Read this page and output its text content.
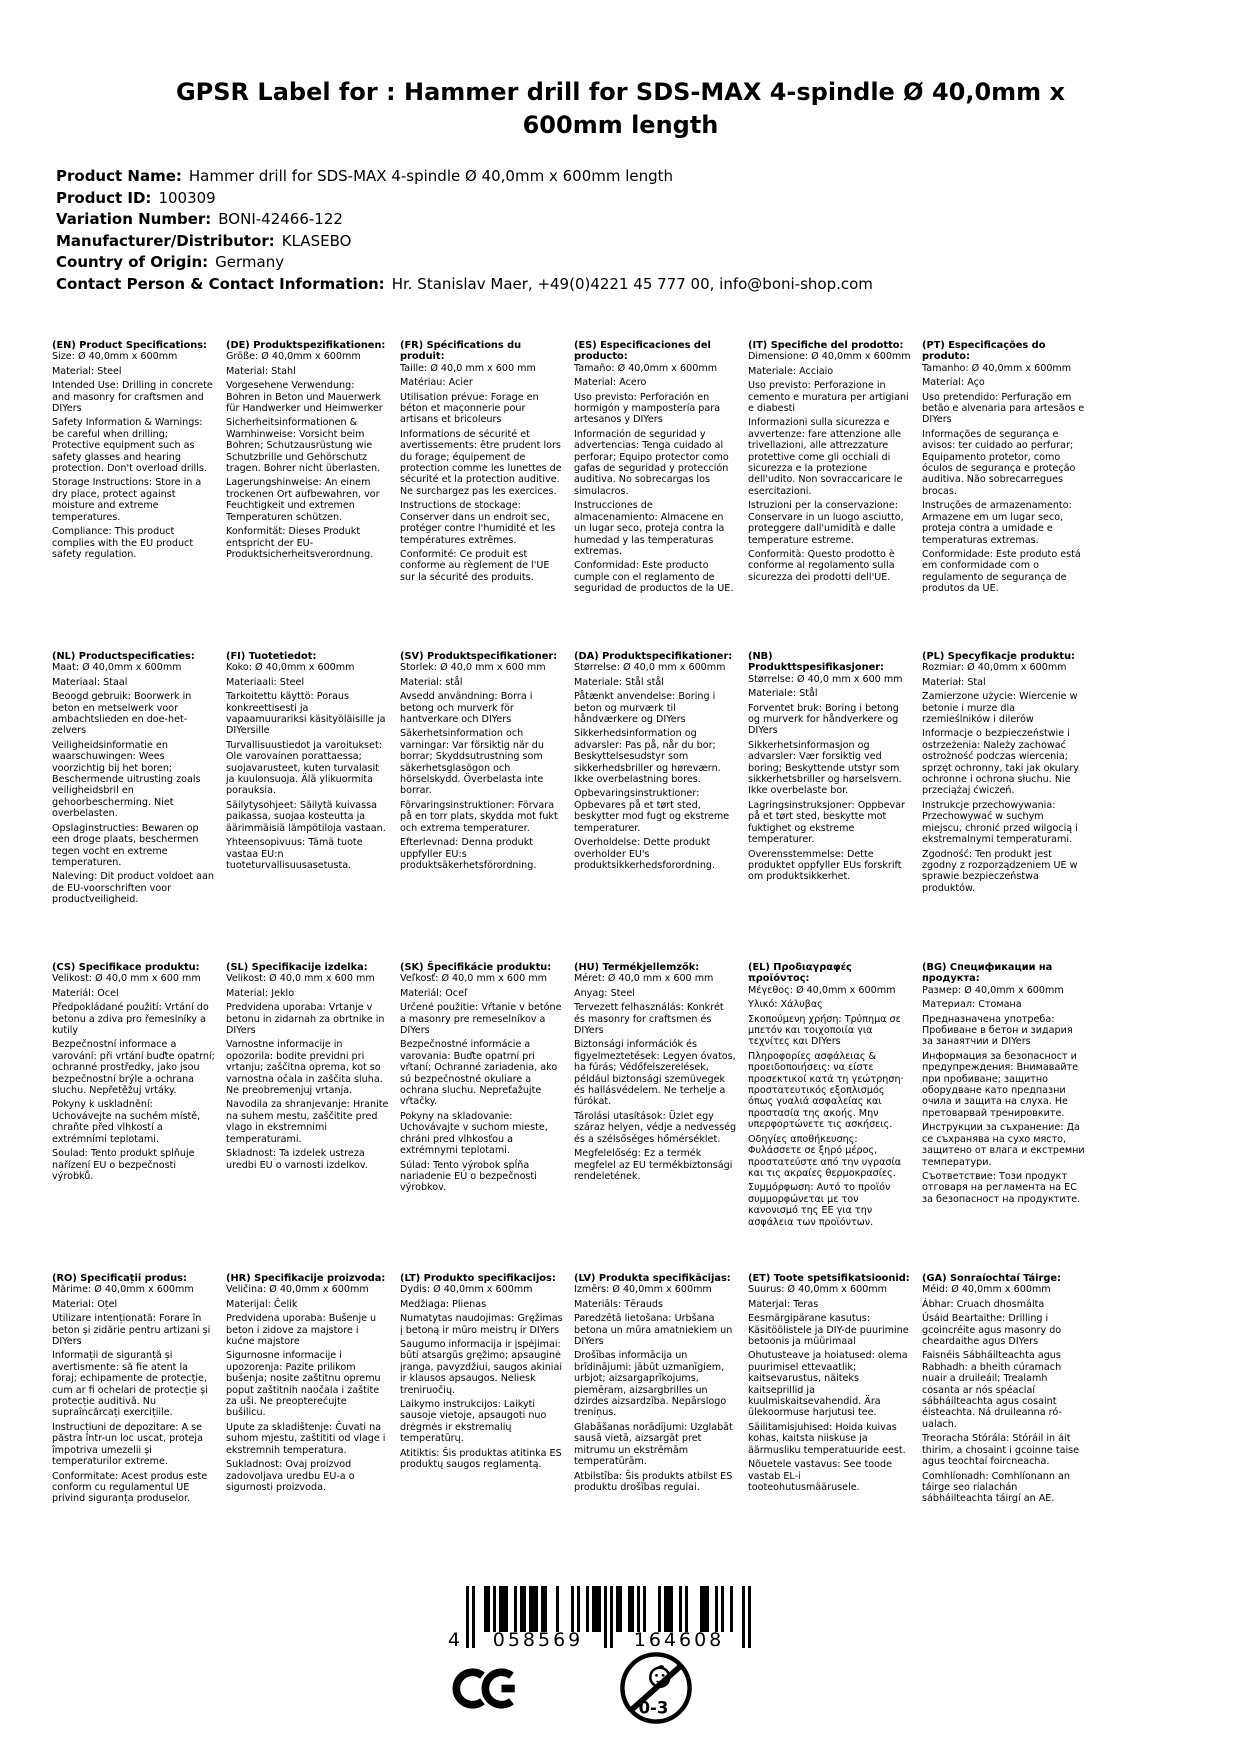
GPSR Label for : Hammer drill for SDS-MAX 4-spindle Ø 40,0mm x 600mm length
Product Name: Hammer drill for SDS-MAX 4-spindle Ø 40,0mm x 600mm length
Product ID: 100309
Variation Number: BONI-42466-122
Manufacturer/Distributor: KLASEBO
Country of Origin: Germany
Contact Person & Contact Information: Hr. Stanislav Maer, +49(0)4221 45 777 00, info@boni-shop.com
(EN) Product Specifications:

Size: Ø 40,0mm x 600mm

Material: Steel

Intended Use: Drilling in concrete and masonry for craftsmen and DIYers

Safety Information & Warnings: be careful when drilling; Protective equipment such as safety glasses and hearing protection. Don't overload drills.

Storage Instructions: Store in a dry place, protect against moisture and extreme temperatures.

Compliance: This product complies with the EU product safety regulation.

(DE) Produktspezifikationen:

Größe: Ø 40,0mm x 600mm

Material: Stahl

Vorgesehene Verwendung: Bohren in Beton und Mauerwerk für Handwerker und Heimwerker

Sicherheitsinformationen & Warnhinweise: Vorsicht beim Bohren; Schutzausrüstung wie Schutzbrille und Gehörschutz tragen. Bohrer nicht überlasten.

Lagerungshinweise: An einem trockenen Ort aufbewahren, vor Feuchtigkeit und extremen Temperaturen schützen.

Konformität: Dieses Produkt entspricht der EU-Produktsicherheitsverordnung.

(FR) Spécifications du produit:

Taille: Ø 40,0 mm x 600 mm

Matériau: Acier

Utilisation prévue: Forage en béton et maçonnerie pour artisans et bricoleurs

Informations de sécurité et avertissements: être prudent lors du forage; équipement de protection comme les lunettes de sécurité et la protection auditive. Ne surchargez pas les exercices.

Instructions de stockage: Conserver dans un endroit sec, protéger contre l'humidité et les températures extrêmes.

Conformité: Ce produit est conforme au règlement de l'UE sur la sécurité des produits.

(ES) Especificaciones del producto:

Tamaño: Ø 40,0mm x 600mm

Material: Acero

Uso previsto: Perforación en hormigón y mampostería para artesanos y DIYers

Información de seguridad y advertencias: Tenga cuidado al perforar; Equipo protector como gafas de seguridad y protección auditiva. No sobrecargas los simulacros.

Instrucciones de almacenamiento: Almacene en un lugar seco, proteja contra la humedad y las temperaturas extremas.

Conformidad: Este producto cumple con el reglamento de seguridad de productos de la UE.

(IT) Specifiche del prodotto:

Dimensione: Ø 40,0mm x 600mm

Materiale: Acciaio

Uso previsto: Perforazione in cemento e muratura per artigiani e diabesti

Informazioni sulla sicurezza e avvertenze: fare attenzione alle trivellazioni, alle attrezzature protettive come gli occhiali di sicurezza e la protezione dell'udito. Non sovraccaricare le esercitazioni.

Istruzioni per la conservazione: Conservare in un luogo asciutto, proteggere dall'umidità e dalle temperature estreme.

Conformità: Questo prodotto è conforme al regolamento sulla sicurezza dei prodotti dell'UE.

(PT) Especificações do produto:

Tamanho: Ø 40,0mm x 600mm

Material: Aço

Uso pretendido: Perfuração em betão e alvenaria para artesãos e DIYers

Informações de segurança e avisos: ter cuidado ao perfurar; Equipamento protetor, como óculos de segurança e proteção auditiva. Não sobrecarregues brocas.

Instruções de armazenamento: Armazene em um lugar seco, proteja contra a umidade e temperaturas extremas.

Conformidade: Este produto está em conformidade com o regulamento de segurança de produtos da UE.

(NL) Productspecificaties:

Maat: Ø 40,0mm x 600mm

Materiaal: Staal

Beoogd gebruik: Boorwerk in beton en metselwerk voor ambachtslieden en doe-het-zelvers

Veiligheidsinformatie en waarschuwingen: Wees voorzichtig bij het boren; Beschermende uitrusting zoals veiligheidsbril en gehoorbescherming. Niet overbelasten.

Opslaginstructies: Bewaren op een droge plaats, beschermen tegen vocht en extreme temperaturen.

Naleving: Dit product voldoet aan de EU-voorschriften voor productveiligheid.

(FI) Tuotetiedot:

Koko: Ø 40,0mm x 600mm

Materiaali: Steel

Tarkoitettu käyttö: Poraus konkreettisesti ja vapaamuurariksi käsityöläisille ja DIYersille

Turvallisuustiedot ja varoitukset: Ole varovainen porattaessa; suojavarusteet, kuten turvalasit ja kuulonsuoja. Älä ylikuormita porauksia.

Säilytysohjeet: Säilytä kuivassa paikassa, suojaa kosteutta ja äärimmäisiä lämpötiloja vastaan.

Yhteensopivuus: Tämä tuote vastaa EU:n tuoteturvallisuusasetusta.

(SV) Produktspecifikationer:

Storlek: Ø 40,0 mm x 600 mm

Material: stål

Avsedd användning: Borra i betong och murverk för hantverkare och DIYers

Säkerhetsinformation och varningar: Var försiktig när du borrar; Skyddsutrustning som säkerhetsglasögon och hörselskydd. Överbelasta inte borrar.

Förvaringsinstruktioner: Förvara på en torr plats, skydda mot fukt och extrema temperaturer.

Efterlevnad: Denna produkt uppfyller EU:s produktsäkerhetsförordning.

(DA) Produktspecifikationer:

Størrelse: Ø 40,0 mm x 600mm

Materiale: Stål stål

Påtænkt anvendelse: Boring i beton og murværk til håndværkere og DIYers

Sikkerhedsinformation og advarsler: Pas på, når du bor; Beskyttelsesudstyr som sikkerhedsbriller og høreværn. Ikke overbelastning bores.

Opbevaringsinstruktioner: Opbevares på et tørt sted, beskytter mod fugt og ekstreme temperaturer.

Overholdelse: Dette produkt overholder EU's produktsikkerhedsforordning.

(NB) Produkttspesifikasjoner:

Størrelse: Ø 40,0 mm x 600 mm

Materiale: Stål

Forventet bruk: Boring i betong og murverk for håndverkere og DIYers

Sikkerhetsinformasjon og advarsler: Vær forsiktig ved boring; Beskyttende utstyr som sikkerhetsbriller og hørselsvern. Ikke overbelaste bor.

Lagringsinstruksjoner: Oppbevar på et tørt sted, beskytte mot fuktighet og ekstreme temperaturer.

Overensstemmelse: Dette produktet oppfyller EUs forskrift om produktsikkerhet.

(PL) Specyfikacje produktu:

Rozmiar: Ø 40,0mm x 600mm

Materiał: Stal

Zamierzone użycie: Wiercenie w betonie i murze dla rzemieślników i dilerów

Informacje o bezpieczeństwie i ostrzeżenia: Należy zachować ostrożność podczas wiercenia; sprzęt ochronny, taki jak okulary ochronne i ochrona słuchu. Nie przeciążaj ćwiczeń.

Instrukcje przechowywania: Przechowywać w suchym miejscu, chronić przed wilgocią i ekstremalnymi temperaturami.

Zgodność: Ten produkt jest zgodny z rozporządzeniem UE w sprawie bezpieczeństwa produktów.

(CS) Specifikace produktu:

Velikost: Ø 40,0 mm x 600 mm

Materiál: Ocel

Předpokládané použití: Vrtání do betonu a zdiva pro řemeslníky a kutily

Bezpečnostní informace a varování: při vrtání buďte opatrní; ochranné prostředky, jako jsou bezpečnostní brýle a ochrana sluchu. Nepřetěžuj vrtáky.

Pokyny k uskladnění: Uchovávejte na suchém místě, chraňte před vlhkostí a extrémními teplotami.

Soulad: Tento produkt splňuje nařízení EU o bezpečnosti výrobků.

(SL) Specifikacije izdelka:

Velikost: Ø 40,0 mm x 600 mm

Material: Jeklo

Predvidena uporaba: Vrtanje v betonu in zidarnah za obrtnike in DIYers

Varnostne informacije in opozorila: bodite previdni pri vrtanju; zaščitna oprema, kot so varnostna očala in zaščita sluha. Ne preobremenjuj vrtanja.

Navodila za shranjevanje: Hranite na suhem mestu, zaščitite pred vlago in ekstremnimi temperaturami.

Skladnost: Ta izdelek ustreza uredbi EU o varnosti izdelkov.

(SK) Špecifikácie produktu:

Veľkosť: Ø 40,0 mm x 600 mm

Materiál: Oceľ

Určené použitie: Vŕtanie v betóne a masonry pre remeselníkov a DIYers

Bezpečnostné informácie a varovania: Buďte opatrní pri vŕtaní; Ochranné zariadenia, ako sú bezpečnostné okuliare a ochrana sluchu. Nepreťažujte vŕtačky.

Pokyny na skladovanie: Uchovávajte v suchom mieste, chráni pred vlhkosťou a extrémnymi teplotami.

Súlad: Tento výrobok spĺňa nariadenie EÚ o bezpečnosti výrobkov.

(HU) Termékjellemzők:

Méret: Ø 40,0 mm x 600 mm

Anyag: Steel

Tervezett felhasználás: Konkrét és masonry for craftsmen és DIYers

Biztonsági információk és figyelmeztetések: Legyen óvatos, ha fúrás; Védőfelszerelések, például biztonsági szemüvegek és hallásvédelem. Ne terhelje a fúrókat.

Tárolási utasítások: Üzlet egy száraz helyen, védje a nedvesség és a szélsőséges hőmérséklet.

Megfelelőség: Ez a termék megfelel az EU termékbiztonsági rendeletének.

(EL) Προδιαγραφές προϊόντος:

Μέγεθος: Ø 40,0mm x 600mm

Υλικό: Χάλυβας

Σκοπούμενη χρήση: Τρύπημα σε μπετόν και τοιχοποιία για τεχνίτες και DIYers

Πληροφορίες ασφάλειας & προειδοποιήσεις: να είστε προσεκτικοί κατά τη γεώτρηση· προστατευτικός εξοπλισμός όπως γυαλιά ασφαλείας και προστασία της ακοής. Μην υπερφορτώνετε τις ασκήσεις.

Οδηγίες αποθήκευσης: Φυλάσσετε σε ξηρό μέρος, προστατεύστε από την υγρασία και τις ακραίες θερμοκρασίες.

Συμμόρφωση: Αυτό το προϊόν συμμορφώνεται με τον κανονισμό της ΕΕ για την ασφάλεια των προϊόντων.

(BG) Спецификации на продукта:

Размер: Ø 40,0mm x 600mm

Материал: Стомана

Предназначена употреба: Пробиване в бетон и зидария за занаятчии и DIYers

Информация за безопасност и предупреждения: Внимавайте при пробиване; защитно оборудване като предпазни очила и защита на слуха. Не претоварвай тренировките.

Инструкции за съхранение: Да се съхранява на сухо място, защитено от влага и екстремни температури.

Съответствие: Този продукт отговаря на регламента на ЕС за безопасност на продуктите.

(RO) Specificații produs:

Mărime: Ø 40,0mm x 600mm

Material: Oțel

Utilizare intenționată: Forare în beton și zidărie pentru artizani și DIYers

Informații de siguranță și avertismente: să fie atent la foraj; echipamente de protecție, cum ar fi ochelari de protecție și protecție auditivă. Nu supraîncărcați exercițiile.

Instrucțiuni de depozitare: A se păstra într-un loc uscat, proteja împotriva umezelii și temperaturilor extreme.

Conformitate: Acest produs este conform cu regulamentul UE privind siguranța produselor.

(HR) Specifikacije proizvoda:

Veličina: Ø 40,0mm x 600mm

Materijal: Čelik

Predvidena uporaba: Bušenje u beton i zidove za majstore i kućne majstore

Sigurnosne informacije i upozorenja: Pazite prilikom bušenja; nosite zaštitnu opremu poput zaštitnih naočala i zaštite za uši. Ne preopterećujte bušilicu.

Upute za skladištenje: Čuvati na suhom mjestu, zaštititi od vlage i ekstremnih temperatura.

Sukladnost: Ovaj proizvod zadovoljava uredbu EU-a o sigurnosti proizvoda.

(LT) Produkto specifikacijos:

Dydis: Ø 40,0mm x 600mm

Medžiaga: Plienas

Numatytas naudojimas: Gręžimas į betoną ir mūro meistrų ir DIYers

Saugumo informacija ir įspėjimai: būti atsargūs gręžimo; apsauginė įranga, pavyzdžiui, saugos akiniai ir klausos apsaugos. Neliesk treniruočių.

Laikymo instrukcijos: Laikyti sausoje vietoje, apsaugoti nuo drėgmės ir ekstremalių temperatūrų.

Atitiktis: Šis produktas atitinka ES produktų saugos reglamentą.

(LV) Produkta specifikācijas:

Izmērs: Ø 40,0mm x 600mm

Materiāls: Tērauds

Paredzētā lietošana: Urbšana betona un mūra amatniekiem un DIYers

Drošības informācija un brīdinājumi: jābūt uzmanīgiem, urbjot; aizsargaprīkojums, piemēram, aizsargbrilles un dzirdes aizsardzība. Nepārslogo treniņus.

Glabāšanas norādījumi: Uzglabāt sausā vietā, aizsargāt pret mitrumu un ekstrēmām temperatūrām.

Atbilstība: Šis produkts atbilst ES produktu drošības regulai.

(ET) Toote spetsifikatsioonid:

Suurus: Ø 40,0mm x 600mm

Materjal: Teras

Eesmärgipärane kasutus: Käsitöölistele ja DIY-de puurimine betoonis ja müürimaal

Ohutusteave ja hoiatused: olema puurimisel ettevaatlik; kaitsevarustus, näiteks kaitseprillid ja kuulmiskaitsevahendid. Ära ülekoormuse harjutusi tee.

Säilitamisjuhised: Hoida kuivas kohas, kaitsta niiskuse ja äärmusliku temperatuuride eest.

Nõuetele vastavus: See toode vastab EL-i tooteohutusmäärusele.

(GA) Sonraíochtaí Táirge:

Méid: Ø 40,0mm x 600mm

Ábhar: Cruach dhosmálta

Úsáid Beartaithe: Drilling i gcoincréite agus masonry do cheardaithe agus DIYers

Faisnéis Sábháilteachta agus Rabhadh: a bheith cúramach nuair a druileáil; Trealamh cosanta ar nós spéaclaí sábháilteachta agus cosaint éisteachta. Ná druileanna ró-ualach.

Treoracha Stórála: Stóráil in áit thirim, a chosaint i gcoinne taise agus teochtaí foircneacha.

Comhlíonadh: Comhlíonann an táirge seo rialachán sábháilteachta táirgí an AE.

4	058569	164608
0-3
